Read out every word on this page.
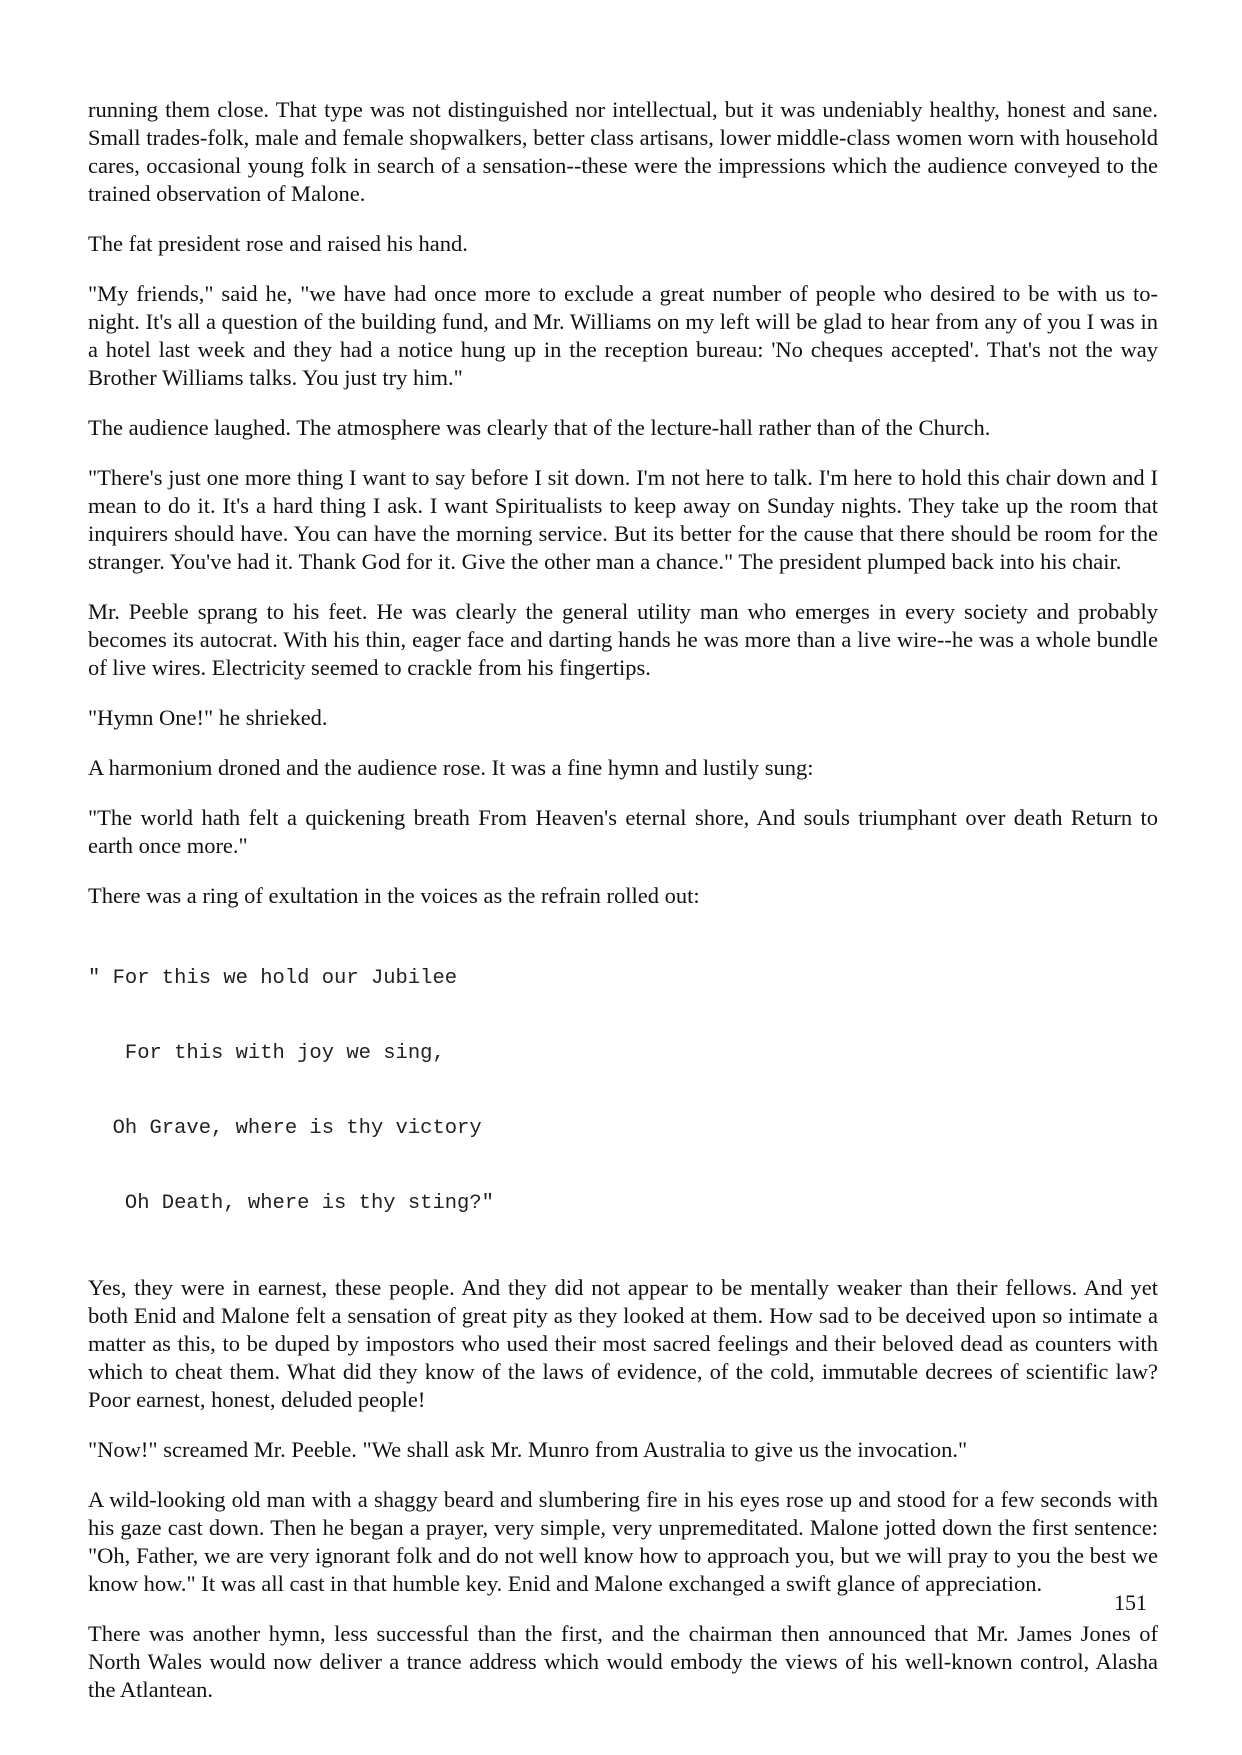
running them close. That type was not distinguished nor intellectual, but it was undeniably healthy, honest and sane. Small trades-folk, male and female shopwalkers, better class artisans, lower middle-class women worn with household cares, occasional young folk in search of a sensation--these were the impressions which the audience conveyed to the trained observation of Malone.

The fat president rose and raised his hand.

"My friends," said he, "we have had once more to exclude a great number of people who desired to be with us to-night. It's all a question of the building fund, and Mr. Williams on my left will be glad to hear from any of you I was in a hotel last week and they had a notice hung up in the reception bureau: 'No cheques accepted'. That's not the way Brother Williams talks. You just try him."

The audience laughed. The atmosphere was clearly that of the lecture-hall rather than of the Church.

"There's just one more thing I want to say before I sit down. I'm not here to talk. I'm here to hold this chair down and I mean to do it. It's a hard thing I ask. I want Spiritualists to keep away on Sunday nights. They take up the room that inquirers should have. You can have the morning service. But its better for the cause that there should be room for the stranger. You've had it. Thank God for it. Give the other man a chance." The president plumped back into his chair.

Mr. Peeble sprang to his feet. He was clearly the general utility man who emerges in every society and probably becomes its autocrat. With his thin, eager face and darting hands he was more than a live wire--he was a whole bundle of live wires. Electricity seemed to crackle from his fingertips.

"Hymn One!" he shrieked.

A harmonium droned and the audience rose. It was a fine hymn and lustily sung:

"The world hath felt a quickening breath From Heaven's eternal shore, And souls triumphant over death Return to earth once more."

There was a ring of exultation in the voices as the refrain rolled out:

" For this we hold our Jubilee

For this with joy we sing,

Oh Grave, where is thy victory

Oh Death, where is thy sting?"

Yes, they were in earnest, these people. And they did not appear to be mentally weaker than their fellows. And yet both Enid and Malone felt a sensation of great pity as they looked at them. How sad to be deceived upon so intimate a matter as this, to be duped by impostors who used their most sacred feelings and their beloved dead as counters with which to cheat them. What did they know of the laws of evidence, of the cold, immutable decrees of scientific law? Poor earnest, honest, deluded people!

"Now!" screamed Mr. Peeble. "We shall ask Mr. Munro from Australia to give us the invocation."

A wild-looking old man with a shaggy beard and slumbering fire in his eyes rose up and stood for a few seconds with his gaze cast down. Then he began a prayer, very simple, very unpremeditated. Malone jotted down the first sentence: "Oh, Father, we are very ignorant folk and do not well know how to approach you, but we will pray to you the best we know how." It was all cast in that humble key. Enid and Malone exchanged a swift glance of appreciation.

There was another hymn, less successful than the first, and the chairman then announced that Mr. James Jones of North Wales would now deliver a trance address which would embody the views of his well-known control, Alasha the Atlantean.

151
